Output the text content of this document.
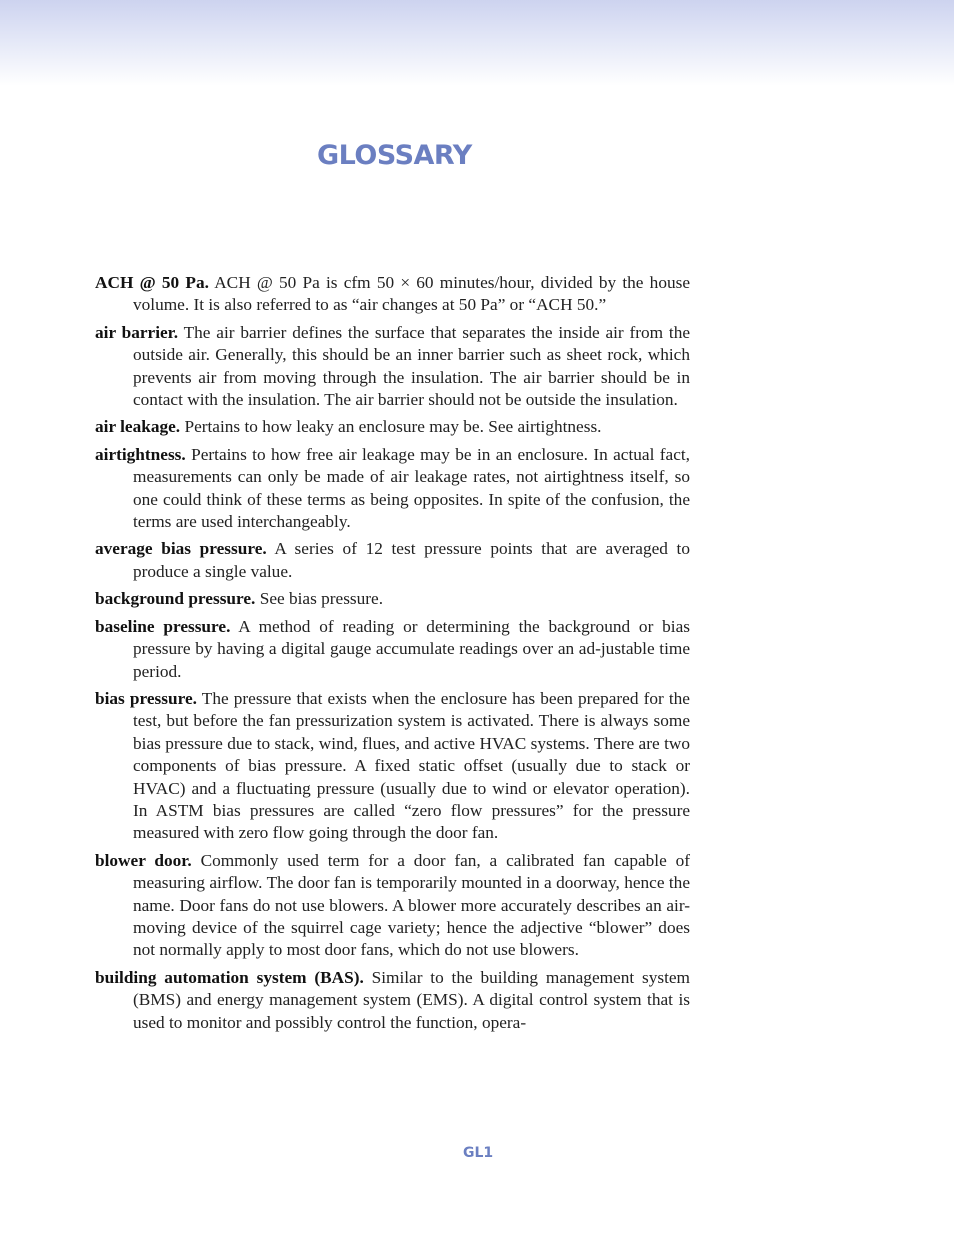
GLOSSARY
ACH @ 50 Pa. ACH @ 50 Pa is cfm 50 × 60 minutes/hour, divided by the house volume. It is also referred to as “air changes at 50 Pa” or “ACH 50.”
air barrier. The air barrier defines the surface that separates the inside air from the outside air. Generally, this should be an inner barrier such as sheet rock, which prevents air from moving through the insulation. The air barrier should be in contact with the insulation. The air barrier should not be outside the insulation.
air leakage. Pertains to how leaky an enclosure may be. See airtightness.
airtightness. Pertains to how free air leakage may be in an enclosure. In actual fact, measurements can only be made of air leakage rates, not airtightness itself, so one could think of these terms as being opposites. In spite of the confusion, the terms are used interchangeably.
average bias pressure. A series of 12 test pressure points that are averaged to produce a single value.
background pressure. See bias pressure.
baseline pressure. A method of reading or determining the background or bias pressure by having a digital gauge accumulate readings over an ad-justable time period.
bias pressure. The pressure that exists when the enclosure has been prepared for the test, but before the fan pressurization system is activated. There is always some bias pressure due to stack, wind, flues, and active HVAC systems. There are two components of bias pressure. A fixed static offset (usually due to stack or HVAC) and a fluctuating pressure (usually due to wind or elevator operation). In ASTM bias pressures are called “zero flow pressures” for the pressure measured with zero flow going through the door fan.
blower door. Commonly used term for a door fan, a calibrated fan capable of measuring airflow. The door fan is temporarily mounted in a doorway, hence the name. Door fans do not use blowers. A blower more accurately describes an air-moving device of the squirrel cage variety; hence the adjective “blower” does not normally apply to most door fans, which do not use blowers.
building automation system (BAS). Similar to the building management system (BMS) and energy management system (EMS). A digital control system that is used to monitor and possibly control the function, opera-
GL1
